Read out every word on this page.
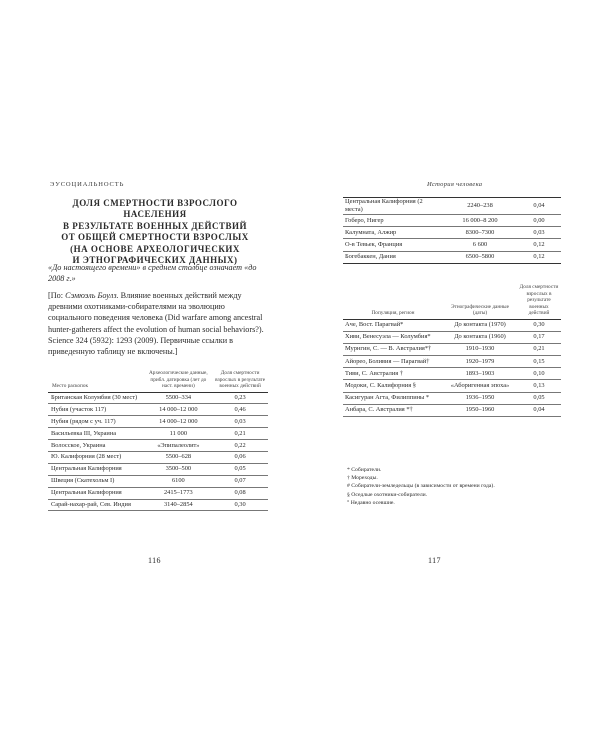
ЭУСОЦИАЛЬНОСТЬ
ДОЛЯ СМЕРТНОСТИ ВЗРОСЛОГО НАСЕЛЕНИЯ
В РЕЗУЛЬТАТЕ ВОЕННЫХ ДЕЙСТВИЙ
ОТ ОБЩЕЙ СМЕРТНОСТИ ВЗРОСЛЫХ
(НА ОСНОВЕ АРХЕОЛОГИЧЕСКИХ
И ЭТНОГРАФИЧЕСКИХ ДАННЫХ)
«До настоящего времени» в среднем столбце означает «до 2008 г.»
[По: Сэмюэль Боулз. Влияние военных действий между древними охотниками-собирателями на эволюцию социального поведения человека (Did warfare among ancestral hunter-gatherers affect the evolution of human social behaviors?). Science 324 (5932): 1293 (2009). Первичные ссылки в приведенную таблицу не включены.]
Место раскопок	Археологические данные, прибл. датировка (лет до наст. времени)	Доля смертности взрослых в результате военных действий
Британская Колумбия (30 мест)	5500–334	0,23
Нубия (участок 117)	14 000–12 000	0,46
Нубия (рядом с уч. 117)	14 000–12 000	0,03
Васильевка III, Украина	11 000	0,21
Волосское, Украина	«Эпипалеолит»	0,22
Ю. Калифорния (28 мест)	5500–628	0,06
Центральная Калифорния	3500–500	0,05
Швеция (Скатехольм I)	6100	0,07
Центральная Калифорния	2415–1773	0,08
Сарай-нахар-рай, Сев. Индия	3140–2854	0,30
116
История человека
Центральная Калифорния (2 места)	2240–238	0,04
Гоберо, Нигер	16 000–8 200	0,00
Калумната, Алжир	8300–7300	0,03
О-в Тевьек, Франция	6 600	0,12
Богебаккен, Дания	6500–5800	0,12
Популяция, регион	Этнографические данные (даты)	Доля смертности взрослых в результате военных действий
Аче, Вост. Парагвай*	До контакта (1970)	0,30
Хиви, Венесуэла — Колумбия*	До контакта (1960)	0,17
Мурнгин, С. — В. Австралия*†	1910–1930	0,21
Айорео, Боливия — Парагвай†	1920–1979	0,15
Тиви, С. Австралия †	1893–1903	0,10
Модоки, С. Калифорния §	«Аборигенная эпоха»	0,13
Касигуран Агта, Филиппины *	1936–1950	0,05
Анбара, С. Австралия *†	1950–1960	0,04
* Собиратели.
† Мореходы.
# Собиратели-земледельцы (в зависимости от времени года).
§ Оседлые охотники-собиратели.
° Недавно осевшие.
117
